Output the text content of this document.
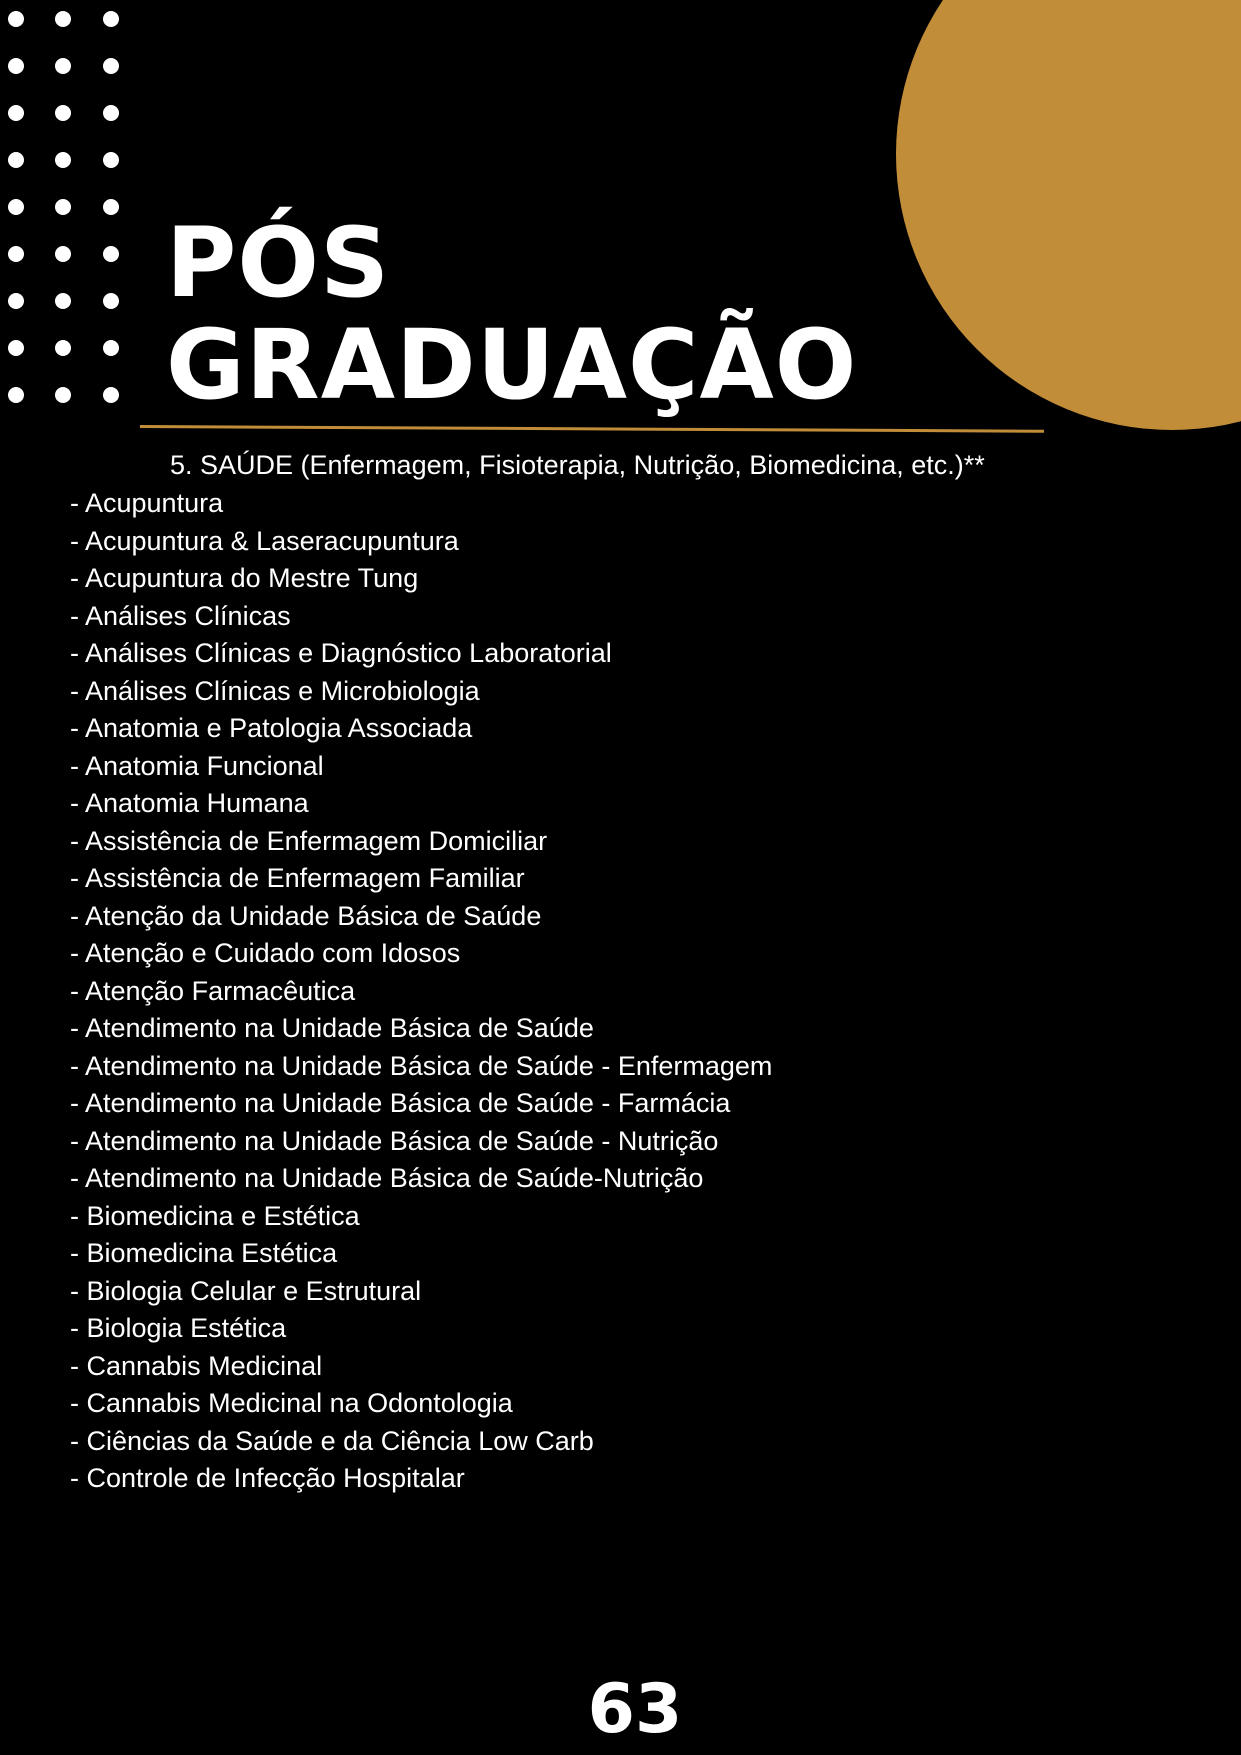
PÓS
GRADUAÇÃO

5. SAÚDE (Enfermagem, Fisioterapia, Nutrição, Biomedicina, etc.)**

- Acupuntura
- Acupuntura & Laseracupuntura
- Acupuntura do Mestre Tung
- Análises Clínicas
- Análises Clínicas e Diagnóstico Laboratorial
- Análises Clínicas e Microbiologia
- Anatomia e Patologia Associada
- Anatomia Funcional
- Anatomia Humana
- Assistência de Enfermagem Domiciliar
- Assistência de Enfermagem Familiar
- Atenção da Unidade Básica de Saúde
- Atenção e Cuidado com Idosos
- Atenção Farmacêutica
- Atendimento na Unidade Básica de Saúde
- Atendimento na Unidade Básica de Saúde - Enfermagem
- Atendimento na Unidade Básica de Saúde - Farmácia
- Atendimento na Unidade Básica de Saúde - Nutrição
- Atendimento na Unidade Básica de Saúde-Nutrição
- Biomedicina e Estética
- Biomedicina Estética
- Biologia Celular e Estrutural
- Biologia Estética
- Cannabis Medicinal
- Cannabis Medicinal na Odontologia
- Ciências da Saúde e da Ciência Low Carb
- Controle de Infecção Hospitalar
63
